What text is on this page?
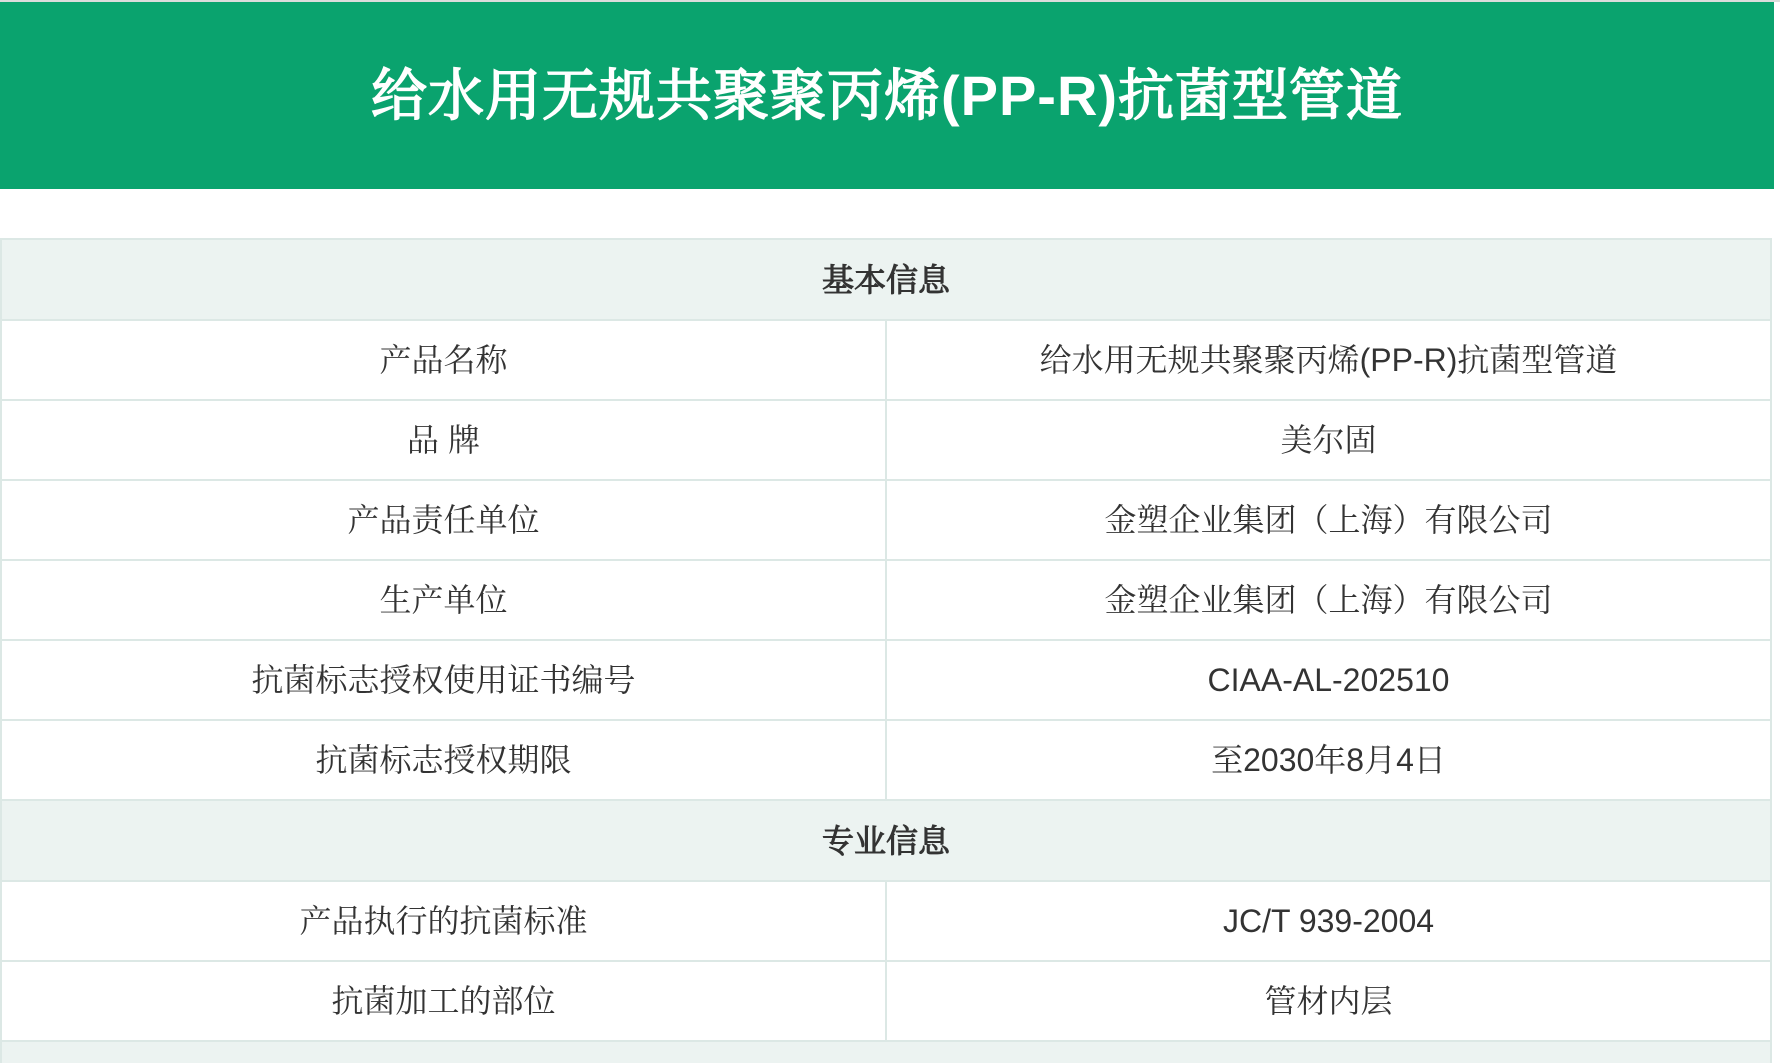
给水用无规共聚聚丙烯(PP-R)抗菌型管道
基本信息	
产品名称	给水用无规共聚聚丙烯(PP-R)抗菌型管道
品 牌	美尔固
产品责任单位	金塑企业集团（上海）有限公司
生产单位	金塑企业集团（上海）有限公司
抗菌标志授权使用证书编号	CIAA-AL-202510
抗菌标志授权期限	至2030年8月4日
专业信息	
产品执行的抗菌标准	JC/T 939-2004
抗菌加工的部位	管材内层
